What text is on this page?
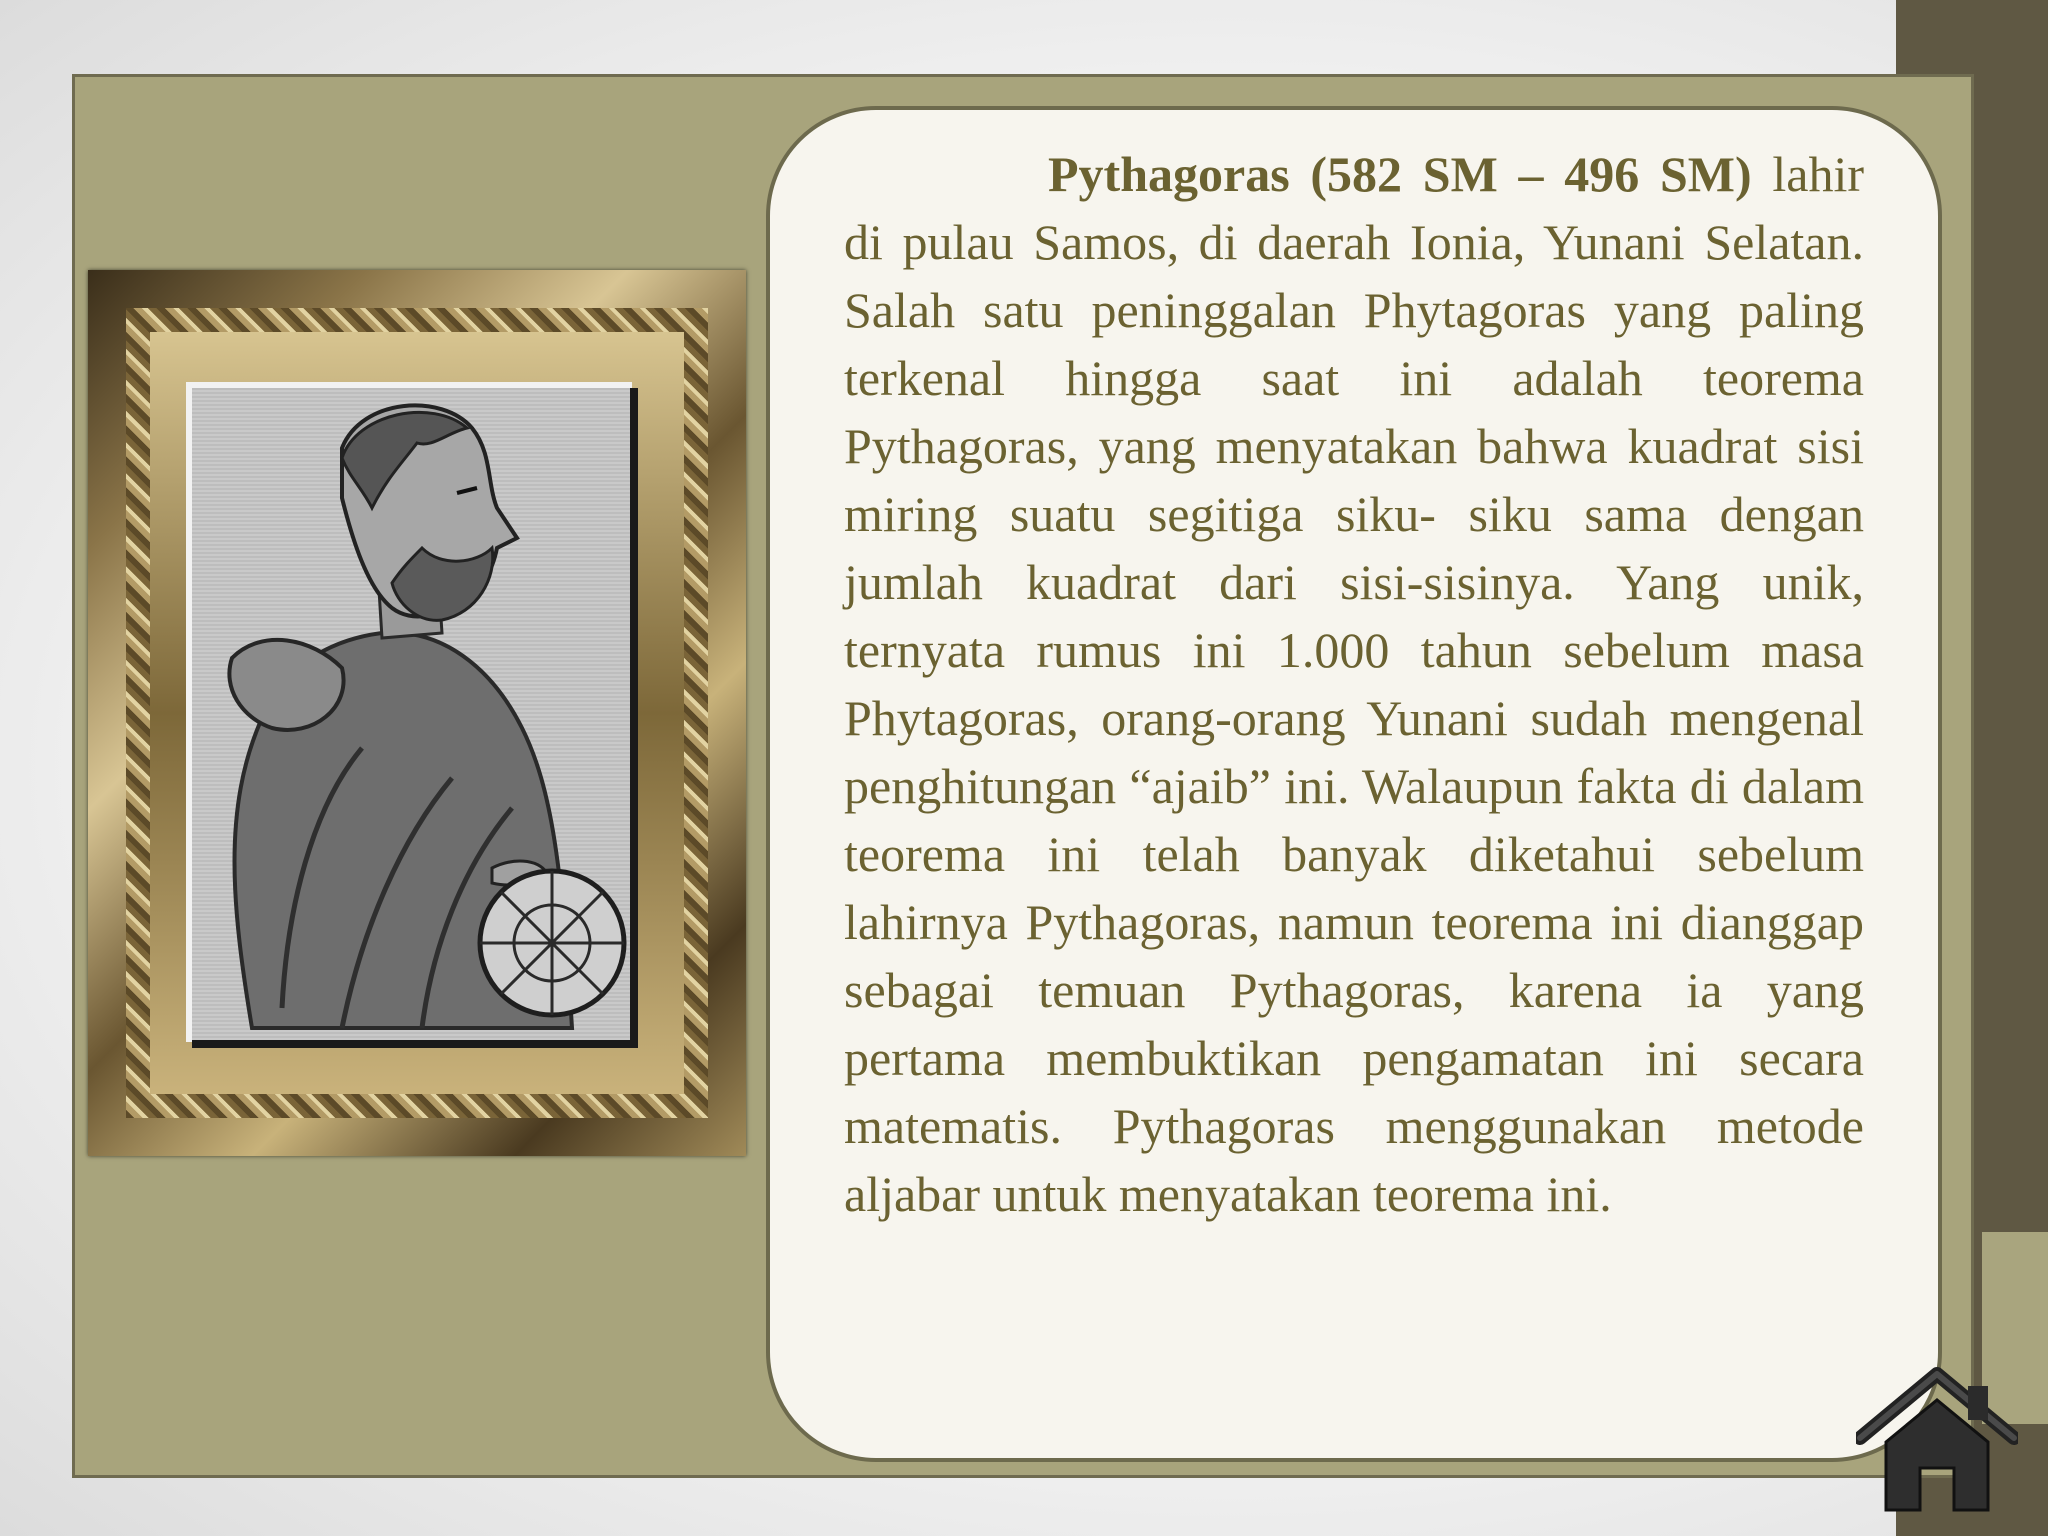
Pythagoras (582 SM – 496 SM) lahir di pulau Samos, di daerah Ionia, Yunani Selatan. Salah satu peninggalan Phytagoras yang paling terkenal hingga saat ini adalah teorema Pythagoras, yang menyatakan bahwa kuadrat sisi miring suatu segitiga siku- siku sama dengan jumlah kuadrat dari sisi-sisinya. Yang unik, ternyata rumus ini 1.000 tahun sebelum masa Phytagoras, orang-orang Yunani sudah mengenal penghitungan “ajaib” ini. Walaupun fakta di dalam teorema ini telah banyak diketahui sebelum lahirnya Pythagoras, namun teorema ini dianggap sebagai temuan Pythagoras, karena ia yang pertama membuktikan pengamatan ini secara matematis. Pythagoras menggunakan metode aljabar untuk menyatakan teorema ini.
